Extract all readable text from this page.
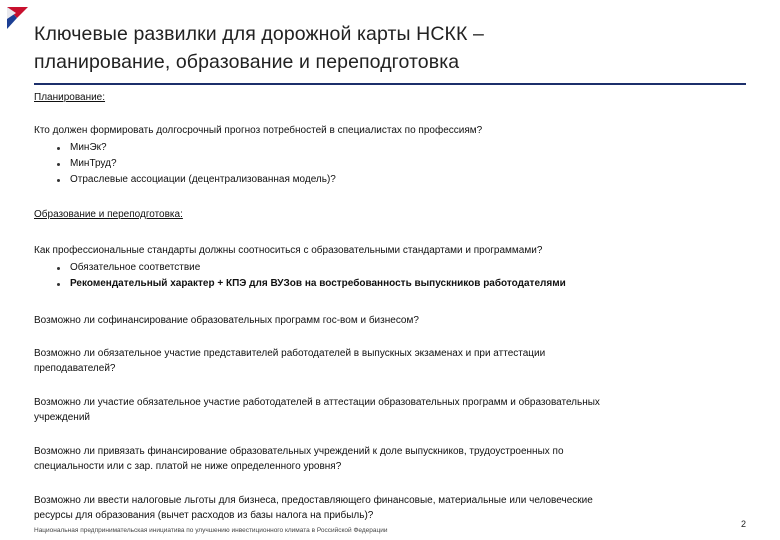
Ключевые развилки для дорожной карты НСКК –
планирование, образование и переподготовка
Планирование:
Кто должен формировать долгосрочный прогноз потребностей в специалистах по профессиям?
МинЭк?
МинТруд?
Отраслевые ассоциации (децентрализованная модель)?
Образование и переподготовка:
Как профессиональные стандарты должны соотноситься с образовательными стандартами и программами?
Обязательное соответствие
Рекомендательный характер + КПЭ для ВУЗов на востребованность выпускников работодателями
Возможно ли софинансирование образовательных программ гос-вом и бизнесом?
Возможно ли обязательное участие представителей работодателей в выпускных экзаменах и при аттестации
преподавателей?
Возможно ли участие обязательное участие работодателей в аттестации образовательных программ и образовательных
учреждений
Возможно ли привязать финансирование образовательных учреждений к доле выпускников, трудоустроенных по
специальности или с зар. платой не ниже определенного уровня?
Возможно ли ввести налоговые льготы для бизнеса, предоставляющего финансовые, материальные или человеческие
ресурсы для образования (вычет расходов из базы налога на прибыль)?
Национальная предпринимательская инициатива по улучшению инвестиционного климата в Российской Федерации
2
